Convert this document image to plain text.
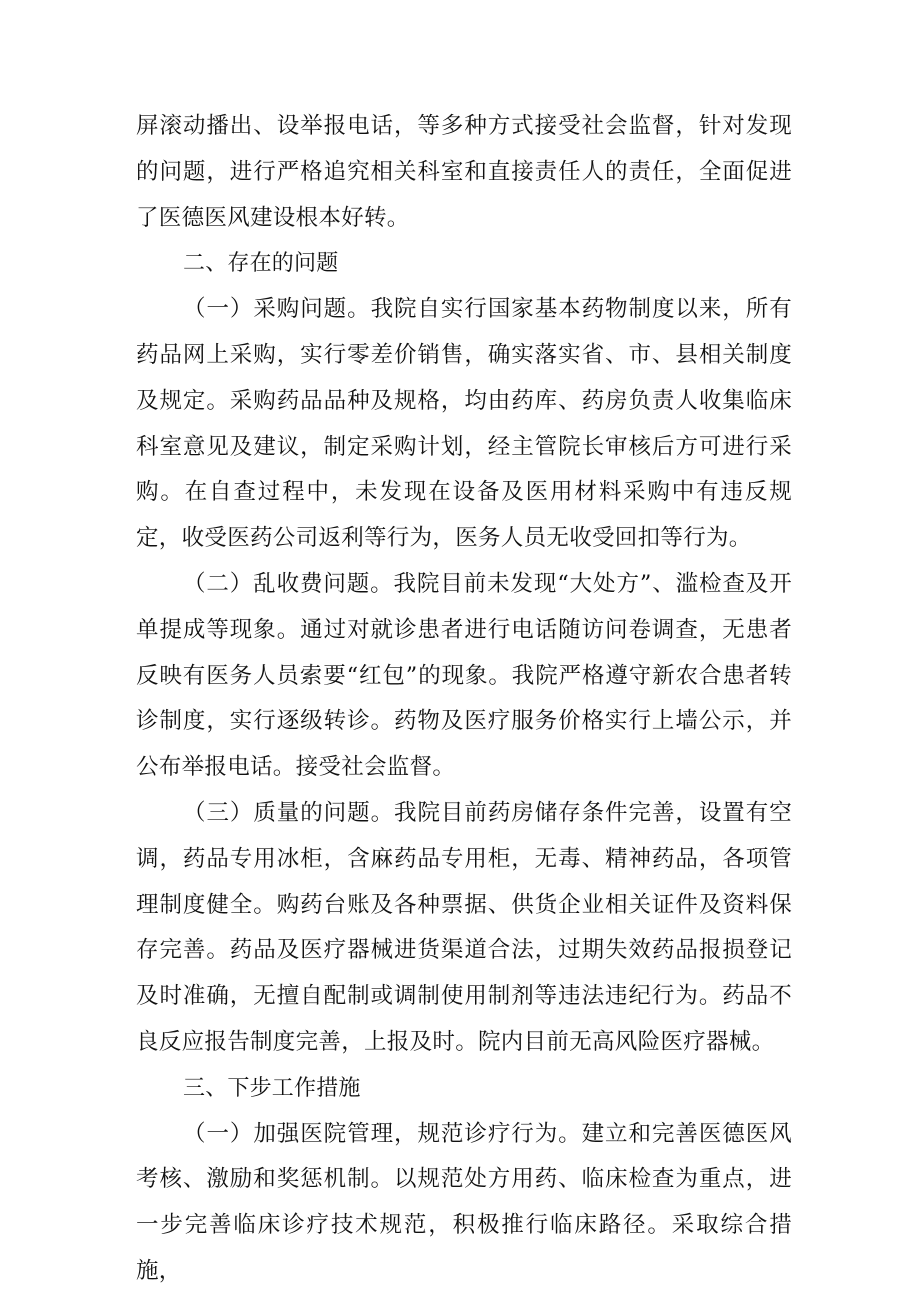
屏滚动播出、设举报电话，等多种方式接受社会监督，针对发现的问题，进行严格追究相关科室和直接责任人的责任，全面促进了医德医风建设根本好转。

二、存在的问题

（一）采购问题。我院自实行国家基本药物制度以来，所有药品网上采购，实行零差价销售，确实落实省、市、县相关制度及规定。采购药品品种及规格，均由药库、药房负责人收集临床科室意见及建议，制定采购计划，经主管院长审核后方可进行采购。在自查过程中，未发现在设备及医用材料采购中有违反规定，收受医药公司返利等行为，医务人员无收受回扣等行为。

（二）乱收费问题。我院目前未发现“大处方”、滥检查及开单提成等现象。通过对就诊患者进行电话随访问卷调查，无患者反映有医务人员索要“红包”的现象。我院严格遵守新农合患者转诊制度，实行逐级转诊。药物及医疗服务价格实行上墙公示，并公布举报电话。接受社会监督。

（三）质量的问题。我院目前药房储存条件完善，设置有空调，药品专用冰柜，含麻药品专用柜，无毒、精神药品，各项管理制度健全。购药台账及各种票据、供货企业相关证件及资料保存完善。药品及医疗器械进货渠道合法，过期失效药品报损登记及时准确，无擅自配制或调制使用制剂等违法违纪行为。药品不良反应报告制度完善，上报及时。院内目前无高风险医疗器械。

三、下步工作措施

（一）加强医院管理，规范诊疗行为。建立和完善医德医风考核、激励和奖惩机制。以规范处方用药、临床检查为重点，进一步完善临床诊疗技术规范，积极推行临床路径。采取综合措施，
